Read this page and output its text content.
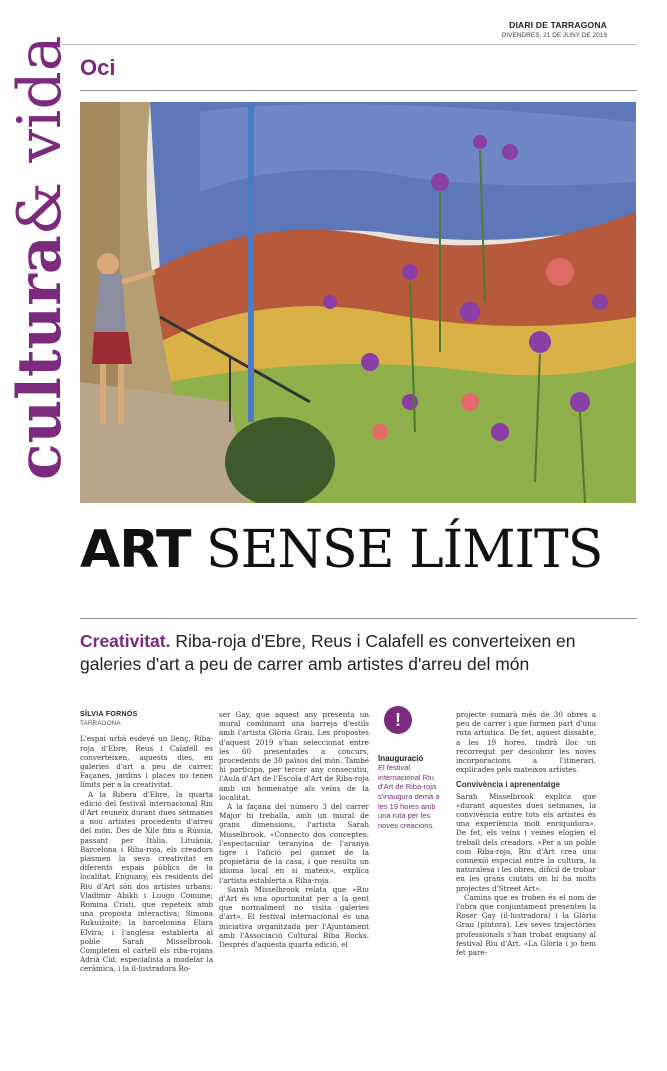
DIARI DE TARRAGONA
DIVENDRES, 21 DE JUNY DE 2019
cultura& vida Oci
ART SENSE LÍMITS
Creativitat. Riba-roja d'Ebre, Reus i Calafell es converteixen en galeries d'art a peu de carrer amb artistes d'arreu del món
SÍLVIA FORNÓS
TARRAGONA

L'espai urbà esdevé un llenç. Riba-roja d'Ebre, Reus i Calafell es converteixen, aquests dies, en galeries d'art a peu de carrer. Façanes, jardins i places no tenen límits per a la creativitat.

A la Ribera d'Ebre, la quarta edició del festival internacional Riu d'Art reuneix durant dues setmanes a nou artistes procedents d'arreu del món. Des de Xile fins a Rússia, passant per Itàlia, Lituània, Barcelona i Riba-roja, els creadors plasmen la seva creativitat en diferents espais públics de la localitat. Enguany, els residents del Riu d'Art són dos artistes urbans: Vladimir Abikh i Luogo Comune; Romina Cristi, que repeteix amb una proposta interactiva; Simona Rukuižaitė; la barcelonina Elara Elvira; i l'anglesa establerta al poble Sarah Misselbrook. Completen el cartell els riba-rojans Adrià Cid, especialista a modelar la ceràmica, i la il·lustradora Ro-

ser Gay, que aquest any presenta un mural combinant una barreja d'estils amb l'artista Glòria Grau. Les propostes d'aquest 2019 s'han seleccionat entre les 60 presentades a concurs, procedents de 30 països del món. També hi participa, per tercer any consecutiu, l'Aula d'Art de l'Escola d'Art de Riba-roja amb un homenatge als veïns de la localitat.

A la façana del número 3 del carrer Major hi treballa, amb un mural de grans dimensions, l'artista Sarah Misselbrook. «Connecto dos conceptes: l'espectacular teranyina de l'aranya tigre i l'afició pel ganxet de la propietària de la casa, i que resulta un idioma local en si mateix», explica l'artista establerta a Riba-roja.

Sarah Misselbrook relata que «Riu d'Art és una oportunitat per a la gent que normalment no visita galeries d'art». El festival internacional és una iniciativa organitzada per l'Ajuntament amb l'Associació Cultural Riba Rocks. Després d'aquesta quarta edició, el

!
Inauguració
El festival internacional Riu d'Art de Riba-roja s'inaugura demà a les 19 hores amb una ruta per les noves creacions.

projecte sumarà més de 30 obres a peu de carrer i que formen part d'una ruta artística. De fet, aquest dissabte, a les 19 hores, tindrà lloc un recorregut per descobrir les noves incorporacions a l'itinerari, explicades pels mateixos artistes.

Convivència i aprenentatge

Sarah Misselbrook explica que «durant aquestes dues setmanes, la convivència entre tots els artistes és una experiència molt enriquidora». De fet, els veïns i veïnes elogien el treball dels creadors. «Per a un poble com Riba-roja, Riu d'Art crea una connexió especial entre la cultura, la naturalesa i les obres, difícil de trobar en les grans ciutats on hi ha molts projectes d'Street Art».

Camins que es troben és el nom de l'obra que conjuntament presenten la Roser Gay (il·lustradora) i la Glòria Grau (pintora). Les seves trajectòries professionals s'han trobat enguany al festival Riu d'Art. «La Glòria i jo hem fet pare-
